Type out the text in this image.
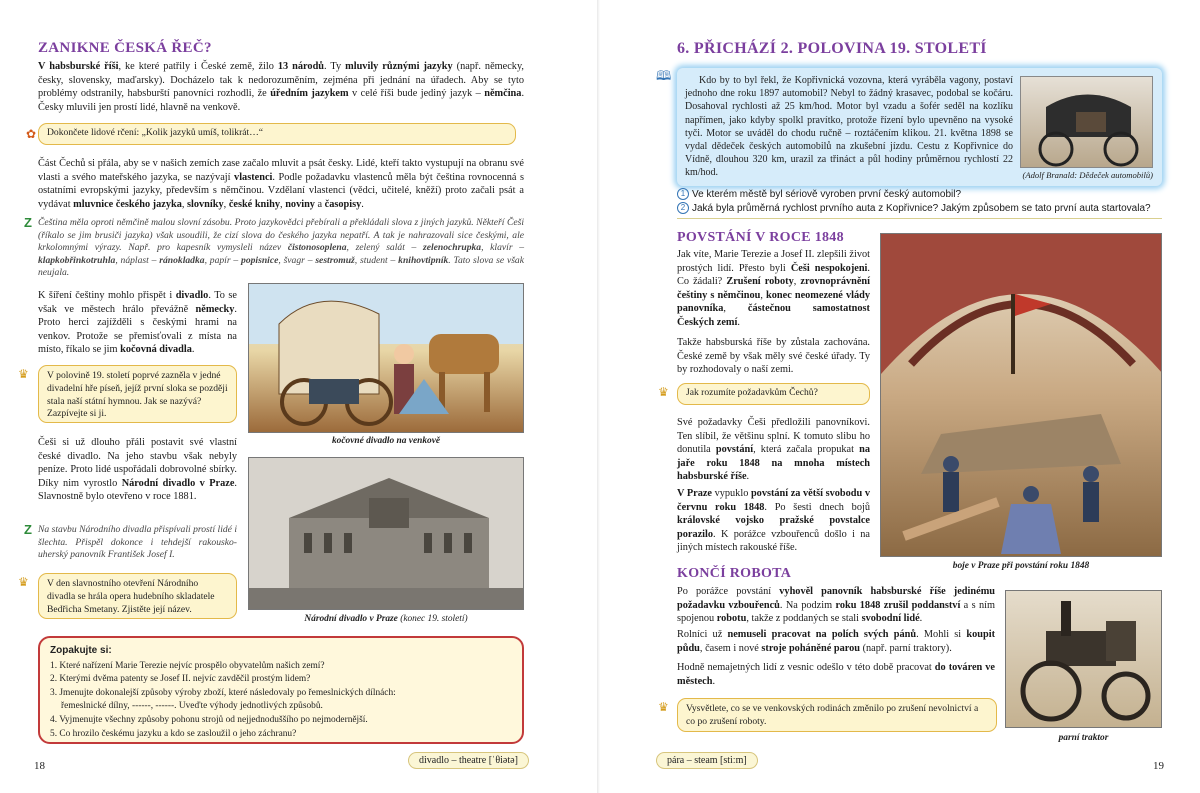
ZANIKNE ČESKÁ ŘEČ?
V habsburské říši, ke které patřily i České země, žilo 13 národů. Ty mluvily různými jazyky (např. německy, česky, slovensky, maďarsky). Docházelo tak k nedorozuměním, zejména při jednání na úřadech. Aby se tyto problémy odstranily, habsburští panovníci rozhodli, že úředním jazykem v celé říši bude jediný jazyk – němčina. Česky mluvili jen prostí lidé, hlavně na venkově.
✿	Dokončete lidové rčení: „Kolik jazyků umíš, tolikrát…“
Část Čechů si přála, aby se v našich zemích zase začalo mluvit a psát česky. Lidé, kteří takto vystupují na obranu své vlasti a svého mateřského jazyka, se nazývají vlastenci. Podle požadavku vlastenců měla být čeština rovnocenná s ostatními evropskými jazyky, především s němčinou. Vzdělaní vlastenci (vědci, učitelé, kněží) proto začali psát a vydávat mluvnice českého jazyka, slovníky, české knihy, noviny a časopisy.
Z Čeština měla oproti němčině malou slovní zásobu. Proto jazykovědci přebírali a překládali slova z jiných jazyků. Někteří Češi (říkalo se jim brusiči jazyka) však usoudili, že cizí slova do českého jazyka nepatří. A tak je nahrazovali sice českými, ale krkolomnými výrazy. Např. pro kapesník vymysleli název čistonosoplena, zelený salát – zelenochrupka, klavír – klapkobřinkotruhla, náplast – ránokladka, papír – popisnice, švagr – sestromuž, student – knihovtipník. Tato slova se však neujala.
K šíření češtiny mohlo přispět i divadlo. To se však ve městech hrálo převážně německy. Proto herci zajížděli s českými hrami na venkov. Protože se přemisťovali z místa na místo, říkalo se jim kočovná divadla.
♛	V polovině 19. století poprvé zazněla v jedné divadelní hře píseň, jejíž první sloka se později stala naší státní hymnou. Jak se nazývá? Zazpívejte si ji.
kočovné divadlo na venkově
Češi si už dlouho přáli postavit své vlastní české divadlo. Na jeho stavbu však nebyly peníze. Proto lidé uspořádali dobrovolné sbírky. Díky nim vyrostlo Národní divadlo v Praze. Slavnostně bylo otevřeno v roce 1881.
Z Na stavbu Národního divadla přispívali prostí lidé i šlechta. Přispěl dokonce i tehdejší rakousko-uherský panovník František Josef I.
♛	V den slavnostního otevření Národního divadla se hrála opera hudebního skladatele Bedřicha Smetany. Zjistěte její název.
Národní divadlo v Praze (konec 19. století)
Zopakujte si:
1. Které nařízení Marie Terezie nejvíc prospělo obyvatelům našich zemí?
2. Kterými dvěma patenty se Josef II. nejvíc zavděčil prostým lidem?
3. Jmenujte dokonalejší způsoby výroby zboží, které následovaly po řemeslnických dílnách:
řemeslnické dílny, ------, ------. Uveďte výhody jednotlivých způsobů.
4. Vyjmenujte všechny způsoby pohonu strojů od nejjednoduššího po nejmodernější.
5. Co hrozilo českému jazyku a kdo se zasloužil o jeho záchranu?
18	divadlo – theatre [ˈθiətə]
6. PŘICHÁZÍ 2. POLOVINA 19. STOLETÍ
🕮	Kdo by to byl řekl, že Kopřivnická vozovna, která vyráběla vagony, postaví jednoho dne roku 1897 automobil? Nebyl to žádný krasavec, podobal se kočáru. Dosahoval rychlosti až 25 km/hod. Motor byl vzadu a šofér seděl na kozlíku napřímen, jako kdyby spolkl pravítko, protože řízení bylo upevněno na vysoké tyči. Motor se uváděl do chodu ručně – roztáčením klikou. 21. května 1898 se vydal dědeček českých automobilů na zkušební jízdu. Cestu z Kopřivnice do Vídně, dlouhou 320 km, urazil za třináct a půl hodiny průměrnou rychlostí 22 km/hod.	(Adolf Branald: Dědeček automobilů)
1 Ve kterém městě byl sériově vyroben první český automobil?
2 Jaká byla průměrná rychlost prvního auta z Kopřivnice? Jakým způsobem se tato první auta startovala?
POVSTÁNÍ V ROCE 1848
Jak víte, Marie Terezie a Josef II. zlepšili život prostých lidí. Přesto byli Češi nespokojeni. Co žádali? Zrušení roboty, zrovnoprávnění češtiny s němčinou, konec neomezené vlády panovníka, částečnou samostatnost Českých zemí.
Takže habsburská říše by zůstala zachována. České země by však měly své české úřady. Ty by rozhodovaly o naší zemi.
♛	Jak rozumíte požadavkům Čechů?
Své požadavky Češi předložili panovníkovi. Ten slíbil, že většinu splní. K tomuto slibu ho donutila povstání, která začala propukat na jaře roku 1848 na mnoha místech habsburské říše.
V Praze vypuklo povstání za větší svobodu v červnu roku 1848. Po šesti dnech bojů královské vojsko pražské povstalce porazilo. K porážce vzbouřenců došlo i na jiných místech rakouské říše.
boje v Praze při povstání roku 1848
KONČÍ ROBOTA
Po porážce povstání vyhověl panovník habsburské říše jedinému požadavku vzbouřenců. Na podzim roku 1848 zrušil poddanství a s ním spojenou robotu, takže z poddaných se stali svobodní lidé.
Rolníci už nemuseli pracovat na polích svých pánů. Mohli si koupit půdu, časem i nové stroje poháněné parou (např. parní traktory).
Hodně nemajetných lidí z vesnic odešlo v této době pracovat do továren ve městech.
♛	Vysvětlete, co se ve venkovských rodinách změnilo po zrušení nevolnictví a co po zrušení roboty.
parní traktor
pára – steam [stiːm]	19
